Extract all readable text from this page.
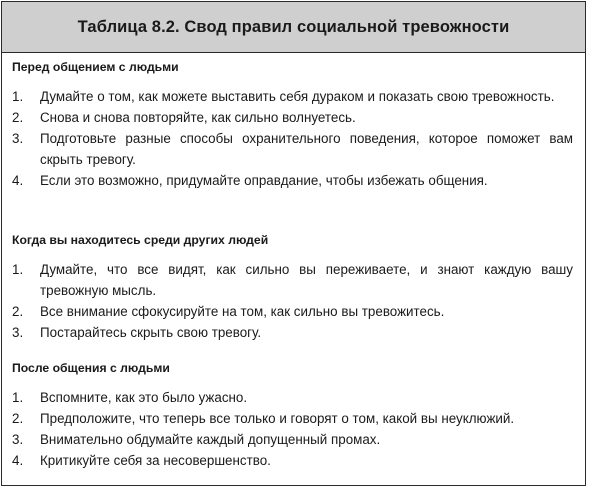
Таблица 8.2. Свод правил социальной тревожности
Перед общением с людьми
1.	Думайте о том, как можете выставить себя дураком и показать свою тревожность.
2.	Снова и снова повторяйте, как сильно волнуетесь.
3.	Подготовьте разные способы охранительного поведения, которое поможет вам скрыть тревогу.
4.	Если это возможно, придумайте оправдание, чтобы избежать общения.
Когда вы находитесь среди других людей
1.	Думайте, что все видят, как сильно вы переживаете, и знают каждую вашу тревожную мысль.
2.	Все внимание сфокусируйте на том, как сильно вы тревожитесь.
3.	Постарайтесь скрыть свою тревогу.
После общения с людьми
1.	Вспомните, как это было ужасно.
2.	Предположите, что теперь все только и говорят о том, какой вы неуклюжий.
3.	Внимательно обдумайте каждый допущенный промах.
4.	Критикуйте себя за несовершенство.
